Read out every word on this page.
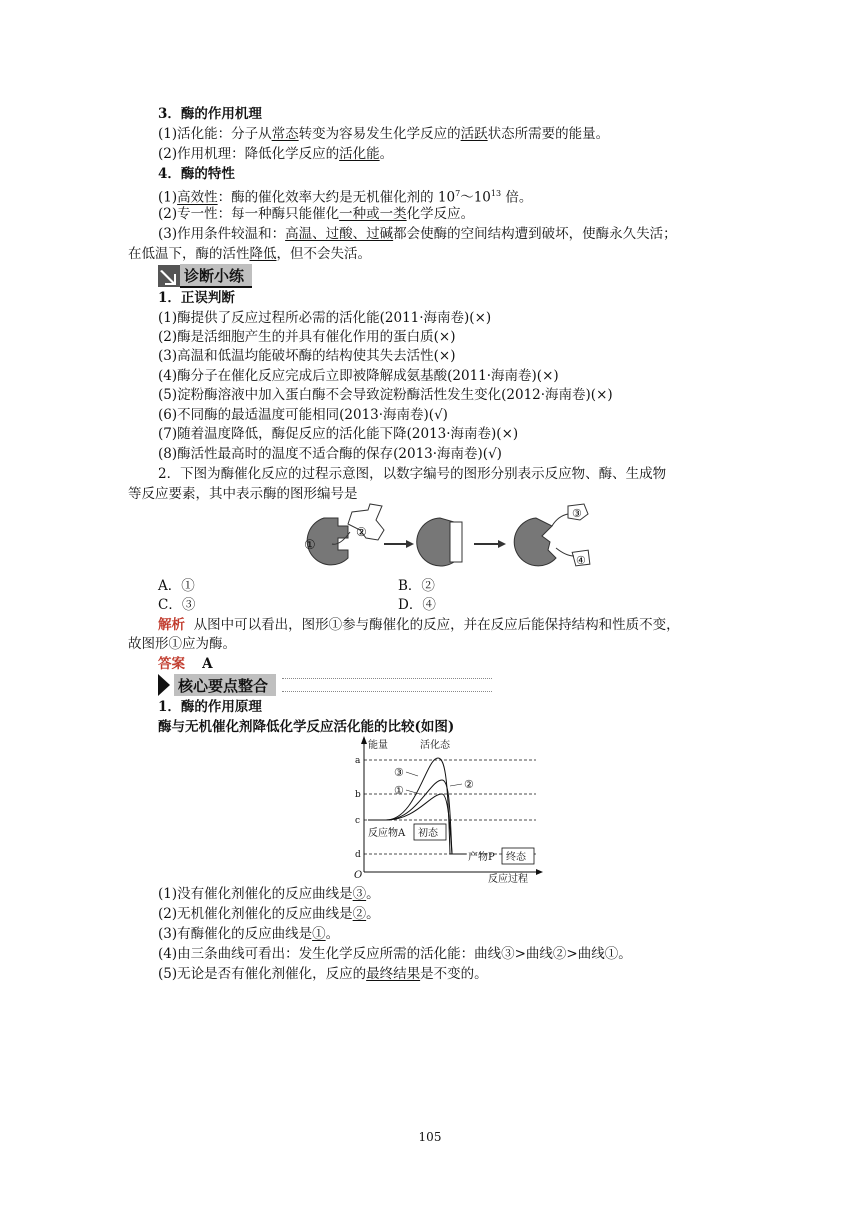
3．酶的作用机理
(1)活化能：分子从常态转变为容易发生化学反应的活跃状态所需要的能量。
(2)作用机理：降低化学反应的活化能。
4．酶的特性
(1)高效性：酶的催化效率大约是无机催化剂的 $10^7\sim 10^{13}$ 倍。
(2)专一性：每一种酶只能催化一种或一类化学反应。
(3)作用条件较温和：高温、过酸、过碱都会使酶的空间结构遭到破坏，使酶永久失活；
在低温下，酶的活性降低，但不会失活。
诊断小练
1．正误判断
(1)酶提供了反应过程所必需的活化能(2011·海南卷)(×)
(2)酶是活细胞产生的并具有催化作用的蛋白质(×)
(3)高温和低温均能破坏酶的结构使其失去活性(×)
(4)酶分子在催化反应完成后立即被降解成氨基酸(2011·海南卷)(×)
(5)淀粉酶溶液中加入蛋白酶不会导致淀粉酶活性发生变化(2012·海南卷)(×)
(6)不同酶的最适温度可能相同(2013·海南卷)(√)
(7)随着温度降低，酶促反应的活化能下降(2013·海南卷)(×)
(8)酶活性最高时的温度不适合酶的保存(2013·海南卷)(√)
2．下图为酶催化反应的过程示意图，以数字编号的图形分别表示反应物、酶、生成物
等反应要素，其中表示酶的图形编号是
①
②
③
④
A．①	B．②
C．③	D．④
解析 从图中可以看出，图形①参与酶催化的反应，并在反应后能保持结构和性质不变，
故图形①应为酶。
答案 A
核心要点整合
1．酶的作用原理
酶与无机催化剂降低化学反应活化能的比较(如图)
能量	活化态
O	反应过程
a
b
c
d
③
①	②
反应物A 初态
产物P 终态
(1)没有催化剂催化的反应曲线是③。
(2)无机催化剂催化的反应曲线是②。
(3)有酶催化的反应曲线是①。
(4)由三条曲线可看出：发生化学反应所需的活化能：曲线③>曲线②>曲线①。
(5)无论是否有催化剂催化，反应的最终结果是不变的。
105
